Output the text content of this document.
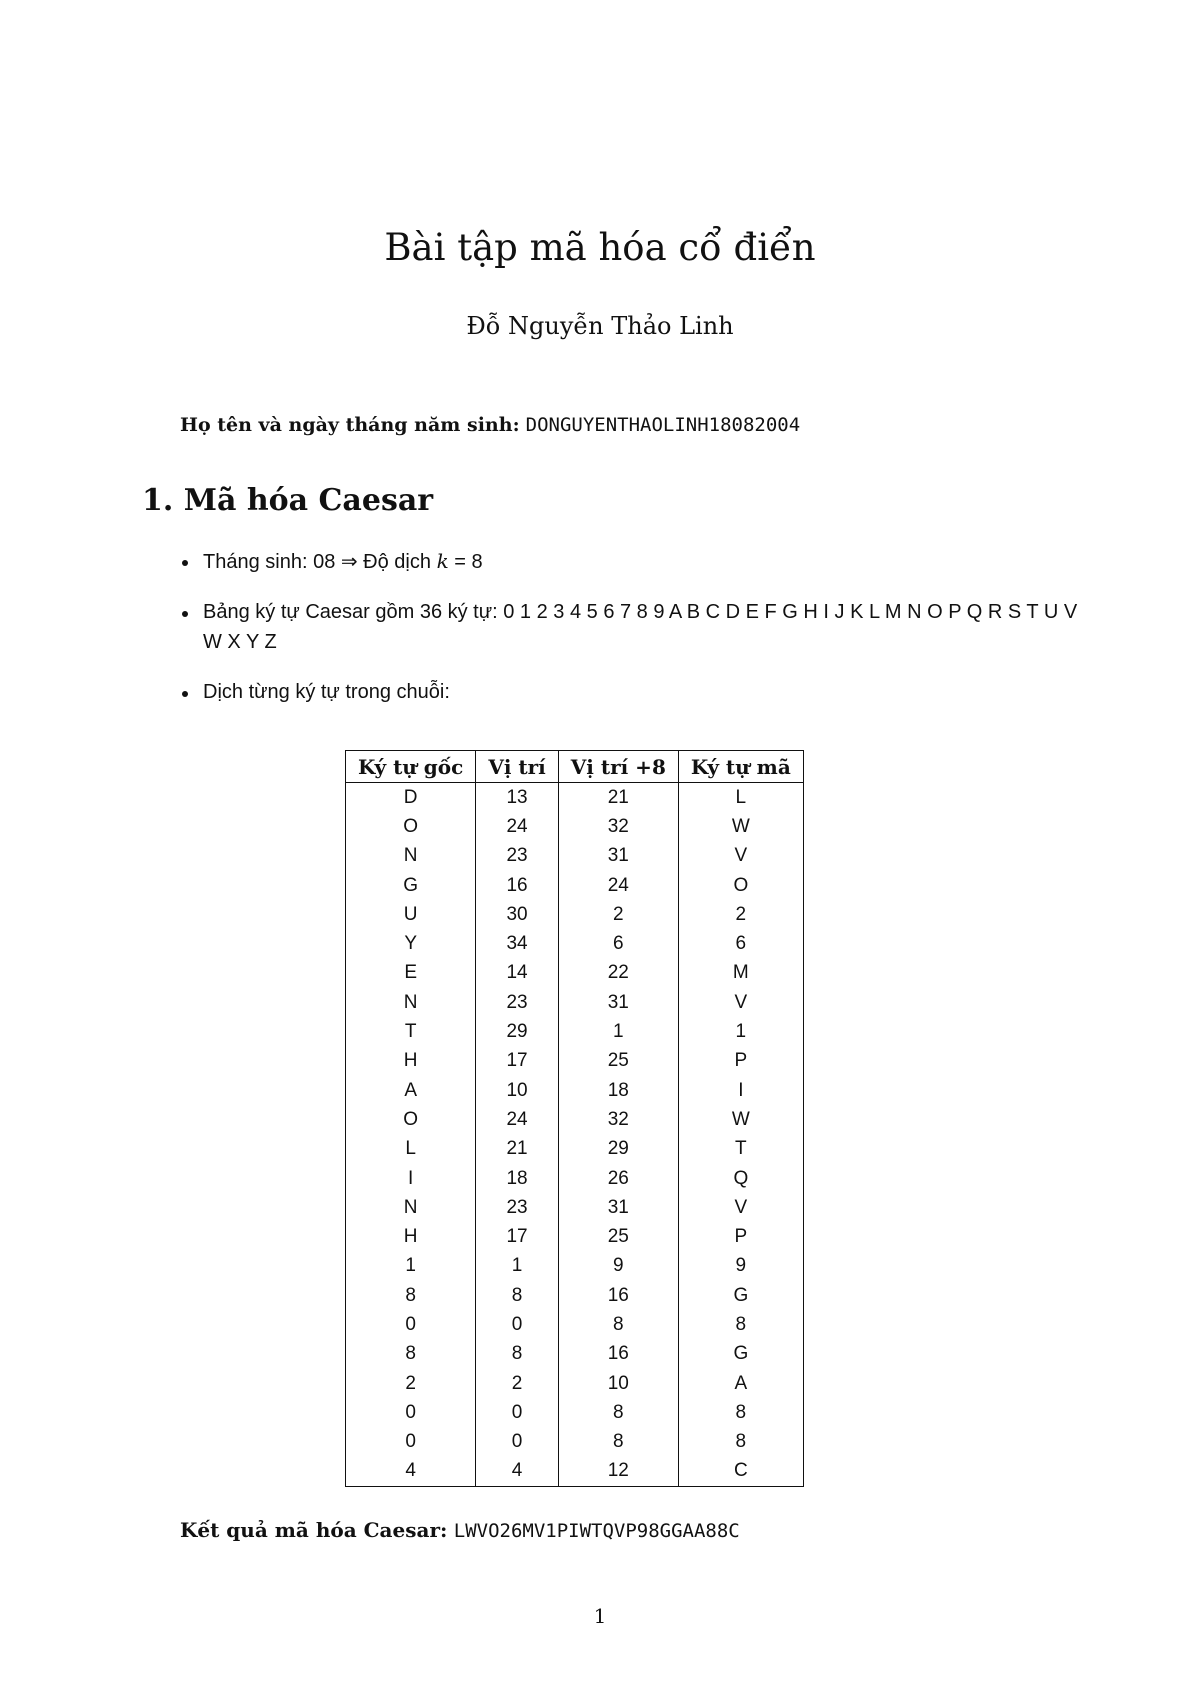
Bài tập mã hóa cổ điển
Đỗ Nguyễn Thảo Linh
Họ tên và ngày tháng năm sinh: DONGUYENTHAOLINH18082004
1. Mã hóa Caesar
Tháng sinh: 08 ⇒ Độ dịch k = 8
Bảng ký tự Caesar gồm 36 ký tự: 0 1 2 3 4 5 6 7 8 9 A B C D E F G H I J K L M N O P Q R S T U V W X Y Z
Dịch từng ký tự trong chuỗi:
Ký tự gốc	Vị trí	Vị trí +8	Ký tự mã
D	13	21	L
O	24	32	W
N	23	31	V
G	16	24	O
U	30	2	2
Y	34	6	6
E	14	22	M
N	23	31	V
T	29	1	1
H	17	25	P
A	10	18	I
O	24	32	W
L	21	29	T
I	18	26	Q
N	23	31	V
H	17	25	P
1	1	9	9
8	8	16	G
0	0	8	8
8	8	16	G
2	2	10	A
0	0	8	8
0	0	8	8
4	4	12	C
Kết quả mã hóa Caesar: LWVO26MV1PIWTQVP98GGAA88C
1
